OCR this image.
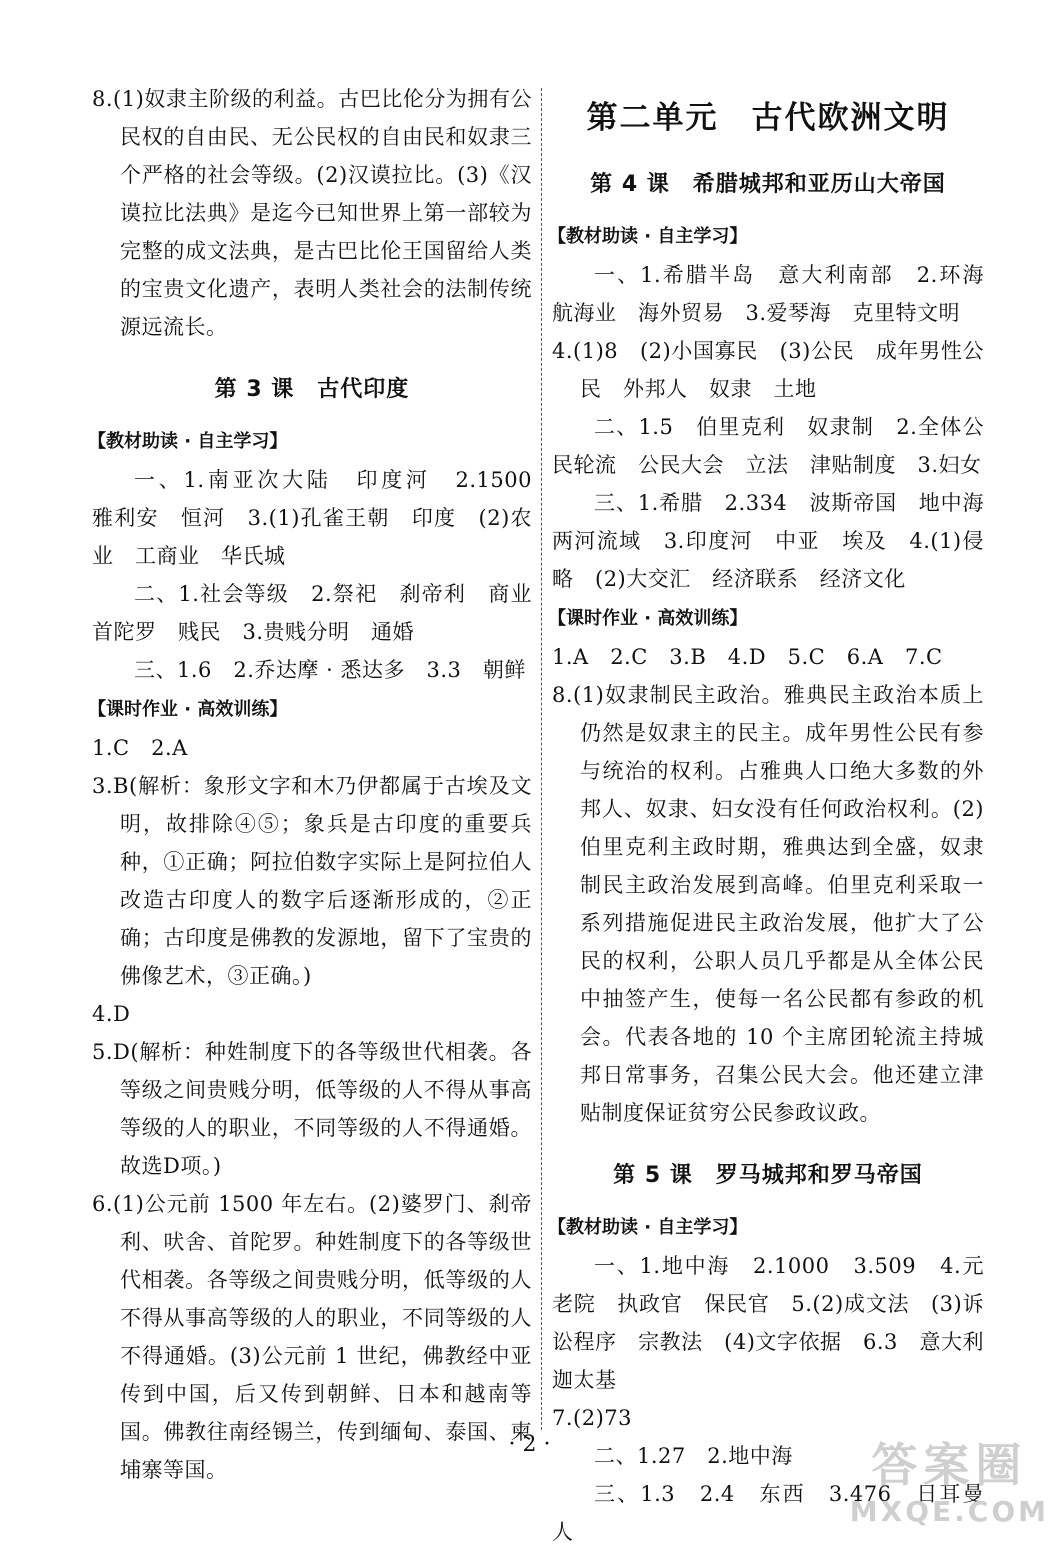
8.(1)奴隶主阶级的利益。古巴比伦分为拥有公民权的自由民、无公民权的自由民和奴隶三个严格的社会等级。(2)汉谟拉比。(3)《汉谟拉比法典》是迄今已知世界上第一部较为完整的成文法典，是古巴比伦王国留给人类的宝贵文化遗产，表明人类社会的法制传统源远流长。

第 3 课　古代印度
【教材助读 · 自主学习】

一、1.南亚次大陆　印度河　2.1500　雅利安　恒河　3.(1)孔雀王朝　印度　(2)农业　工商业　华氏城

二、1.社会等级　2.祭祀　刹帝利　商业　首陀罗　贱民　3.贵贱分明　通婚

三、1.6　2.乔达摩 · 悉达多　3.3　朝鲜

【课时作业 · 高效训练】

1.C　2.A

3.B(解析：象形文字和木乃伊都属于古埃及文明，故排除④⑤；象兵是古印度的重要兵种，①正确；阿拉伯数字实际上是阿拉伯人改造古印度人的数字后逐渐形成的，②正确；古印度是佛教的发源地，留下了宝贵的佛像艺术，③正确。)

4.D

5.D(解析：种姓制度下的各等级世代相袭。各等级之间贵贱分明，低等级的人不得从事高等级的人的职业，不同等级的人不得通婚。故选D项。)

6.(1)公元前 1500 年左右。(2)婆罗门、刹帝利、吠舍、首陀罗。种姓制度下的各等级世代相袭。各等级之间贵贱分明，低等级的人不得从事高等级的人的职业，不同等级的人不得通婚。(3)公元前 1 世纪，佛教经中亚传到中国，后又传到朝鲜、日本和越南等国。佛教往南经锡兰，传到缅甸、泰国、柬埔寨等国。

第二单元　古代欧洲文明
第 4 课　希腊城邦和亚历山大帝国
【教材助读 · 自主学习】

一、1.希腊半岛　意大利南部　2.环海　航海业　海外贸易　3.爱琴海　克里特文明

4.(1)8　(2)小国寡民　(3)公民　成年男性公民　外邦人　奴隶　土地

二、1.5　伯里克利　奴隶制　2.全体公民轮流　公民大会　立法　津贴制度　3.妇女

三、1.希腊　2.334　波斯帝国　地中海　两河流域　3.印度河　中亚　埃及　4.(1)侵略　(2)大交汇　经济联系　经济文化

【课时作业 · 高效训练】

1.A　2.C　3.B　4.D　5.C　6.A　7.C

8.(1)奴隶制民主政治。雅典民主政治本质上仍然是奴隶主的民主。成年男性公民有参与统治的权利。占雅典人口绝大多数的外邦人、奴隶、妇女没有任何政治权利。(2)伯里克利主政时期，雅典达到全盛，奴隶制民主政治发展到高峰。伯里克利采取一系列措施促进民主政治发展，他扩大了公民的权利，公职人员几乎都是从全体公民中抽签产生，使每一名公民都有参政的机会。代表各地的 10 个主席团轮流主持城邦日常事务，召集公民大会。他还建立津贴制度保证贫穷公民参政议政。

第 5 课　罗马城邦和罗马帝国
【教材助读 · 自主学习】

一、1.地中海　2.1000　3.509　4.元老院　执政官　保民官　5.(2)成文法　(3)诉讼程序　宗教法　(4)文字依据　6.3　意大利　迦太基

7.(2)73

二、1.27　2.地中海

三、1.3　2.4　东西　3.476　日耳曼人

· 2 ·	答案圈
MXQE.COM
